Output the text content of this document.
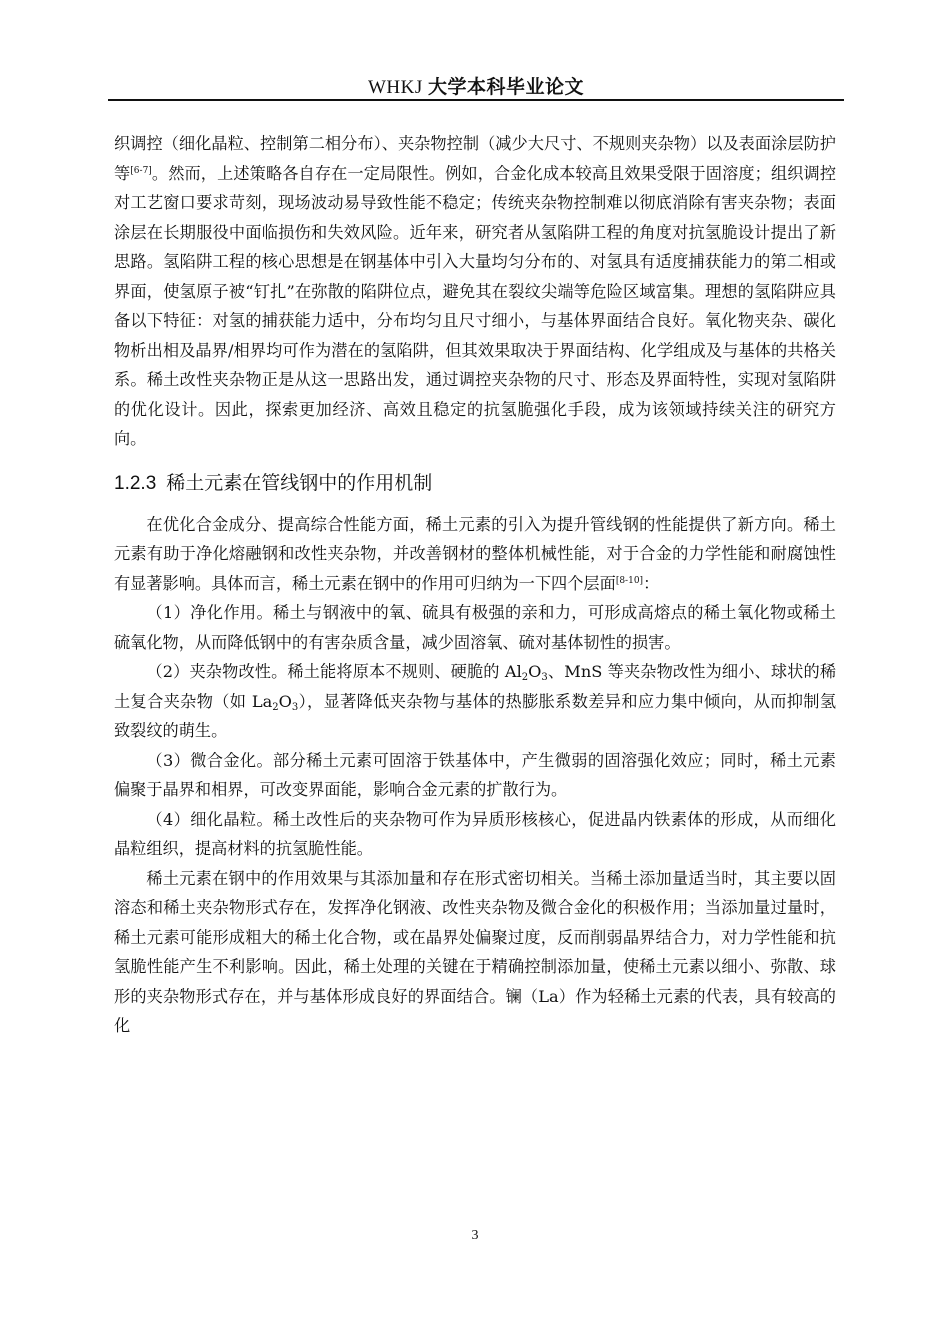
WHKJ 大学本科毕业论文

织调控（细化晶粒、控制第二相分布）、夹杂物控制（减少大尺寸、不规则夹杂物）以及表面涂层防护等[6-7]。然而，上述策略各自存在一定局限性。例如，合金化成本较高且效果受限于固溶度；组织调控对工艺窗口要求苛刻，现场波动易导致性能不稳定；传统夹杂物控制难以彻底消除有害夹杂物；表面涂层在长期服役中面临损伤和失效风险。近年来，研究者从氢陷阱工程的角度对抗氢脆设计提出了新思路。氢陷阱工程的核心思想是在钢基体中引入大量均匀分布的、对氢具有适度捕获能力的第二相或界面，使氢原子被“钉扎”在弥散的陷阱位点，避免其在裂纹尖端等危险区域富集。理想的氢陷阱应具备以下特征：对氢的捕获能力适中，分布均匀且尺寸细小，与基体界面结合良好。氧化物夹杂、碳化物析出相及晶界/相界均可作为潜在的氢陷阱，但其效果取决于界面结构、化学组成及与基体的共格关系。稀土改性夹杂物正是从这一思路出发，通过调控夹杂物的尺寸、形态及界面特性，实现对氢陷阱的优化设计。因此，探索更加经济、高效且稳定的抗氢脆强化手段，成为该领域持续关注的研究方向。

1.2.3 稀土元素在管线钢中的作用机制

在优化合金成分、提高综合性能方面，稀土元素的引入为提升管线钢的性能提供了新方向。稀土元素有助于净化熔融钢和改性夹杂物，并改善钢材的整体机械性能，对于合金的力学性能和耐腐蚀性有显著影响。具体而言，稀土元素在钢中的作用可归纳为一下四个层面[8-10]：

（1）净化作用。稀土与钢液中的氧、硫具有极强的亲和力，可形成高熔点的稀土氧化物或稀土硫氧化物，从而降低钢中的有害杂质含量，减少固溶氧、硫对基体韧性的损害。

（2）夹杂物改性。稀土能将原本不规则、硬脆的 $Al_2O_3$、MnS 等夹杂物改性为细小、球状的稀土复合夹杂物（如 $La_2O_3$），显著降低夹杂物与基体的热膨胀系数差异和应力集中倾向，从而抑制氢致裂纹的萌生。

（3）微合金化。部分稀土元素可固溶于铁基体中，产生微弱的固溶强化效应；同时，稀土元素偏聚于晶界和相界，可改变界面能，影响合金元素的扩散行为。

（4）细化晶粒。稀土改性后的夹杂物可作为异质形核核心，促进晶内铁素体的形成，从而细化晶粒组织，提高材料的抗氢脆性能。

稀土元素在钢中的作用效果与其添加量和存在形式密切相关。当稀土添加量适当时，其主要以固溶态和稀土夹杂物形式存在，发挥净化钢液、改性夹杂物及微合金化的积极作用；当添加量过量时，稀土元素可能形成粗大的稀土化合物，或在晶界处偏聚过度，反而削弱晶界结合力，对力学性能和抗氢脆性能产生不利影响。因此，稀土处理的关键在于精确控制添加量，使稀土元素以细小、弥散、球形的夹杂物形式存在，并与基体形成良好的界面结合。镧（La）作为轻稀土元素的代表，具有较高的化

3
